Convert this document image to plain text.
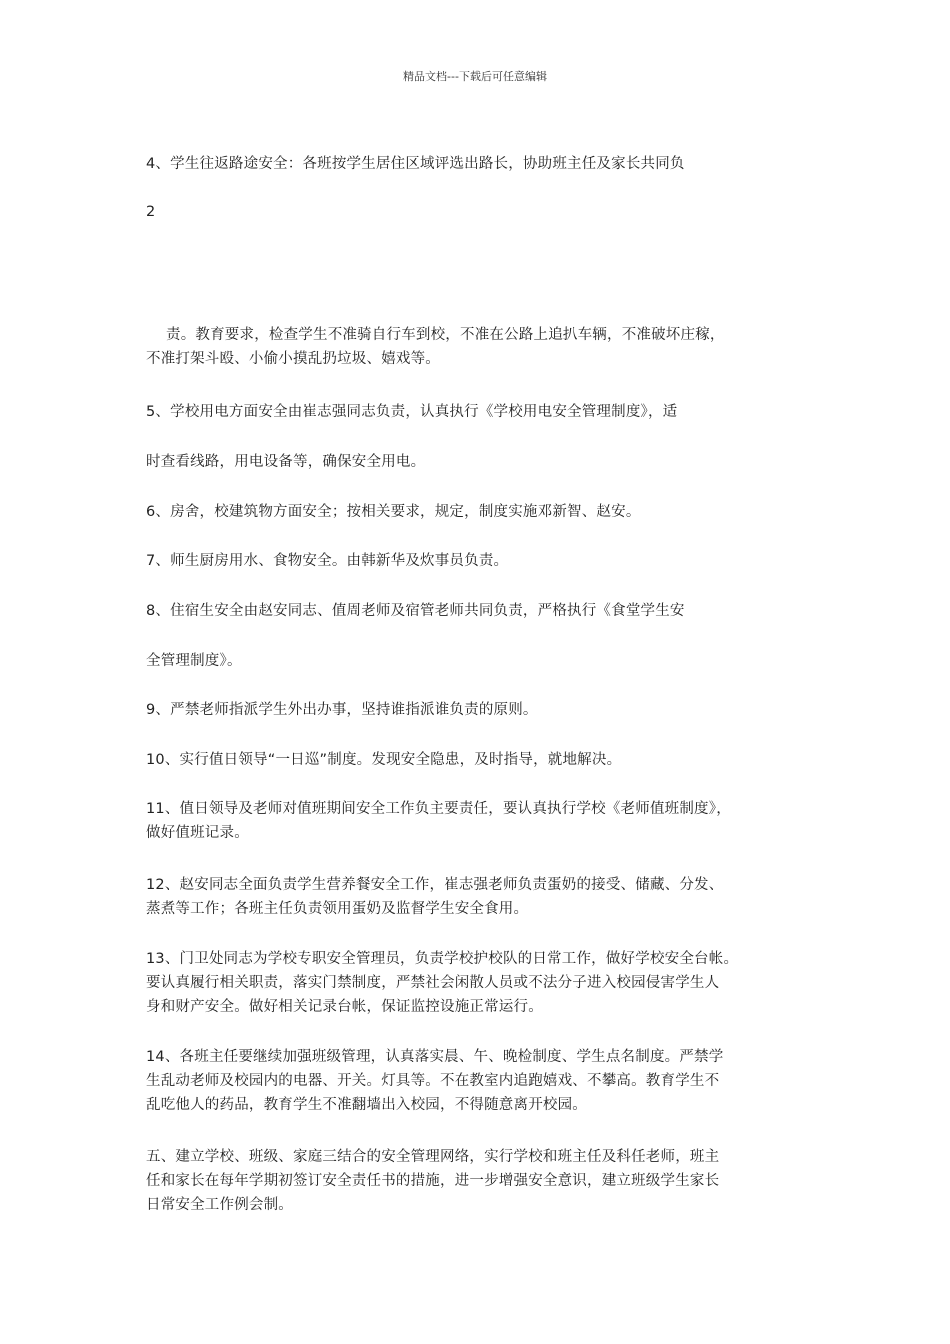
精品文档---下载后可任意编辑
4、学生往返路途安全：各班按学生居住区域评选出路长，协助班主任及家长共同负
2
责。教育要求，检查学生不准骑自行车到校，不准在公路上追扒车辆，不准破坏庄稼，
不准打架斗殴、小偷小摸乱扔垃圾、嬉戏等。
5、学校用电方面安全由崔志强同志负责，认真执行《学校用电安全管理制度》，适
时查看线路，用电设备等，确保安全用电。
6、房舍，校建筑物方面安全；按相关要求，规定，制度实施邓新智、赵安。
7、师生厨房用水、食物安全。由韩新华及炊事员负责。
8、住宿生安全由赵安同志、值周老师及宿管老师共同负责，严格执行《食堂学生安
全管理制度》。
9、严禁老师指派学生外出办事，坚持谁指派谁负责的原则。
10、实行值日领导“一日巡”制度。发现安全隐患，及时指导，就地解决。
11、值日领导及老师对值班期间安全工作负主要责任，要认真执行学校《老师值班制度》，
做好值班记录。
12、赵安同志全面负责学生营养餐安全工作，崔志强老师负责蛋奶的接受、储藏、分发、
蒸煮等工作；各班主任负责领用蛋奶及监督学生安全食用。
13、门卫处同志为学校专职安全管理员，负责学校护校队的日常工作，做好学校安全台帐。
要认真履行相关职责，落实门禁制度，严禁社会闲散人员或不法分子进入校园侵害学生人
身和财产安全。做好相关记录台帐，保证监控设施正常运行。
14、各班主任要继续加强班级管理，认真落实晨、午、晚检制度、学生点名制度。严禁学
生乱动老师及校园内的电器、开关。灯具等。不在教室内追跑嬉戏、不攀高。教育学生不
乱吃他人的药品，教育学生不准翻墙出入校园，不得随意离开校园。
五、建立学校、班级、家庭三结合的安全管理网络，实行学校和班主任及科任老师，班主
任和家长在每年学期初签订安全责任书的措施，进一步增强安全意识，建立班级学生家长
日常安全工作例会制。
